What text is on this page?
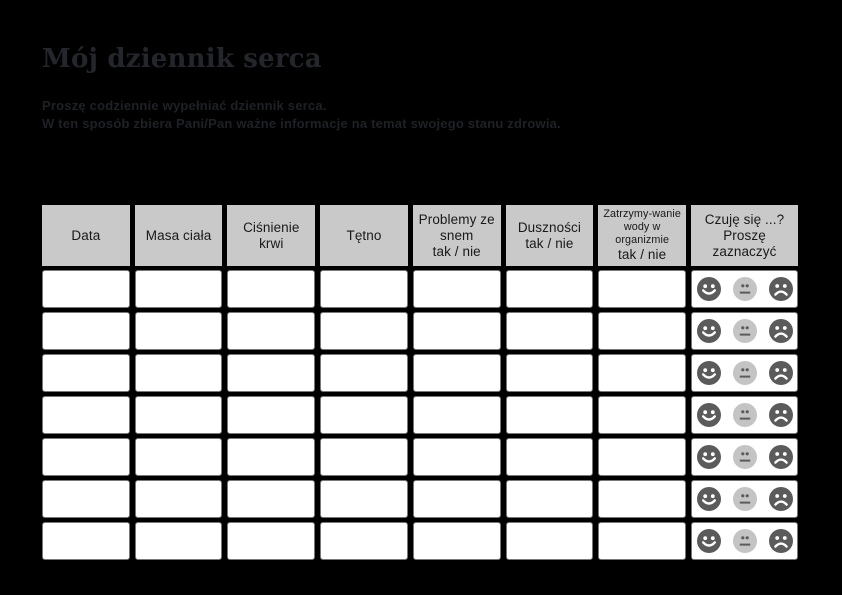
Mój dziennik serca

Proszę codziennie wypełniać dziennik serca.
W ten sposób zbiera Pani/Pan ważne informacje na temat swojego stanu zdrowia.

Data	Masa ciała
Ciśnienie krwi
Tętno
Problemy ze snem
tak / nie
Duszności
tak / nie
Zatrzymy-wanie wody w organizmie
tak / nie
Czuję się ...?
Proszę zaznaczyć
